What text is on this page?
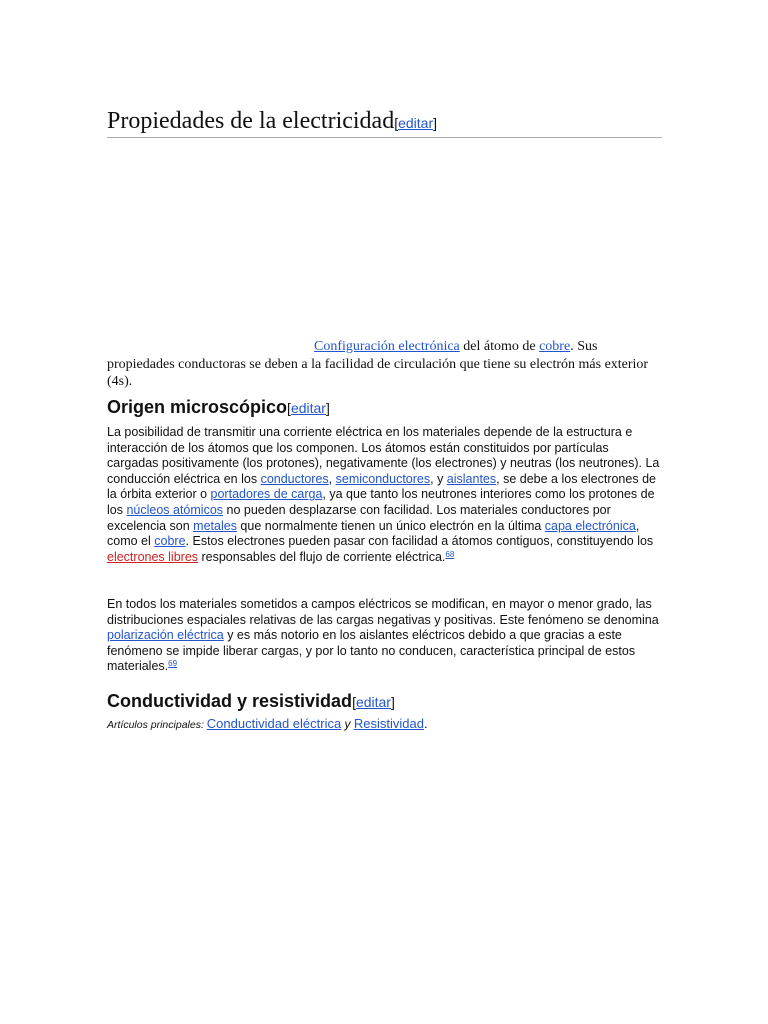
Propiedades de la electricidad[editar]

Configuración electrónica del átomo de cobre. Sus propiedades conductoras se deben a la facilidad de circulación que tiene su electrón más exterior (4s).

Origen microscópico[editar]

La posibilidad de transmitir una corriente eléctrica en los materiales depende de la estructura e interacción de los átomos que los componen. Los átomos están constituidos por partículas cargadas positivamente (los protones), negativamente (los electrones) y neutras (los neutrones). La conducción eléctrica en los conductores, semiconductores, y aislantes, se debe a los electrones de la órbita exterior o portadores de carga, ya que tanto los neutrones interiores como los protones de los núcleos atómicos no pueden desplazarse con facilidad. Los materiales conductores por excelencia son metales que normalmente tienen un único electrón en la última capa electrónica, como el cobre. Estos electrones pueden pasar con facilidad a átomos contiguos, constituyendo los electrones libres responsables del flujo de corriente eléctrica.$^{68}$

En todos los materiales sometidos a campos eléctricos se modifican, en mayor o menor grado, las distribuciones espaciales relativas de las cargas negativas y positivas. Este fenómeno se denomina polarización eléctrica y es más notorio en los aislantes eléctricos debido a que gracias a este fenómeno se impide liberar cargas, y por lo tanto no conducen, característica principal de estos materiales.$^{69}$

Conductividad y resistividad[editar]

Artículos principales: Conductividad eléctrica y Resistividad.
